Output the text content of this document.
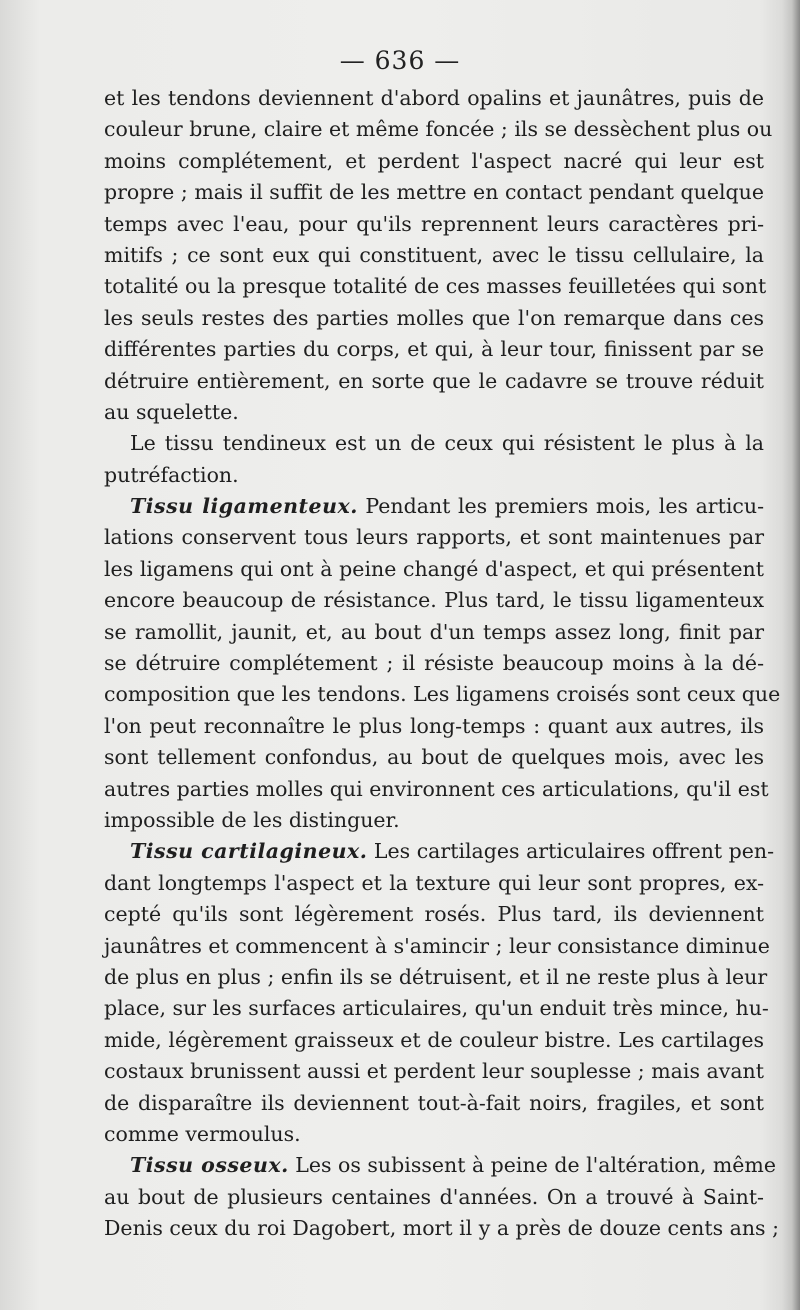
— 636 —
et les tendons deviennent d'abord opalins et jaunâtres, puis de
couleur brune, claire et même foncée ; ils se dessèchent plus ou
moins complétement, et perdent l'aspect nacré qui leur est
propre ; mais il suffit de les mettre en contact pendant quelque
temps avec l'eau, pour qu'ils reprennent leurs caractères pri-
mitifs ; ce sont eux qui constituent, avec le tissu cellulaire, la
totalité ou la presque totalité de ces masses feuilletées qui sont
les seuls restes des parties molles que l'on remarque dans ces
différentes parties du corps, et qui, à leur tour, finissent par se
détruire entièrement, en sorte que le cadavre se trouve réduit
au squelette.
Le tissu tendineux est un de ceux qui résistent le plus à la
putréfaction.
Tissu ligamenteux. Pendant les premiers mois, les articu-
lations conservent tous leurs rapports, et sont maintenues par
les ligamens qui ont à peine changé d'aspect, et qui présentent
encore beaucoup de résistance. Plus tard, le tissu ligamenteux
se ramollit, jaunit, et, au bout d'un temps assez long, finit par
se détruire complétement ; il résiste beaucoup moins à la dé-
composition que les tendons. Les ligamens croisés sont ceux que
l'on peut reconnaître le plus long-temps : quant aux autres, ils
sont tellement confondus, au bout de quelques mois, avec les
autres parties molles qui environnent ces articulations, qu'il est
impossible de les distinguer.
Tissu cartilagineux. Les cartilages articulaires offrent pen-
dant longtemps l'aspect et la texture qui leur sont propres, ex-
cepté qu'ils sont légèrement rosés. Plus tard, ils deviennent
jaunâtres et commencent à s'amincir ; leur consistance diminue
de plus en plus ; enfin ils se détruisent, et il ne reste plus à leur
place, sur les surfaces articulaires, qu'un enduit très mince, hu-
mide, légèrement graisseux et de couleur bistre. Les cartilages
costaux brunissent aussi et perdent leur souplesse ; mais avant
de disparaître ils deviennent tout-à-fait noirs, fragiles, et sont
comme vermoulus.
Tissu osseux. Les os subissent à peine de l'altération, même
au bout de plusieurs centaines d'années. On a trouvé à Saint-
Denis ceux du roi Dagobert, mort il y a près de douze cents ans ;
